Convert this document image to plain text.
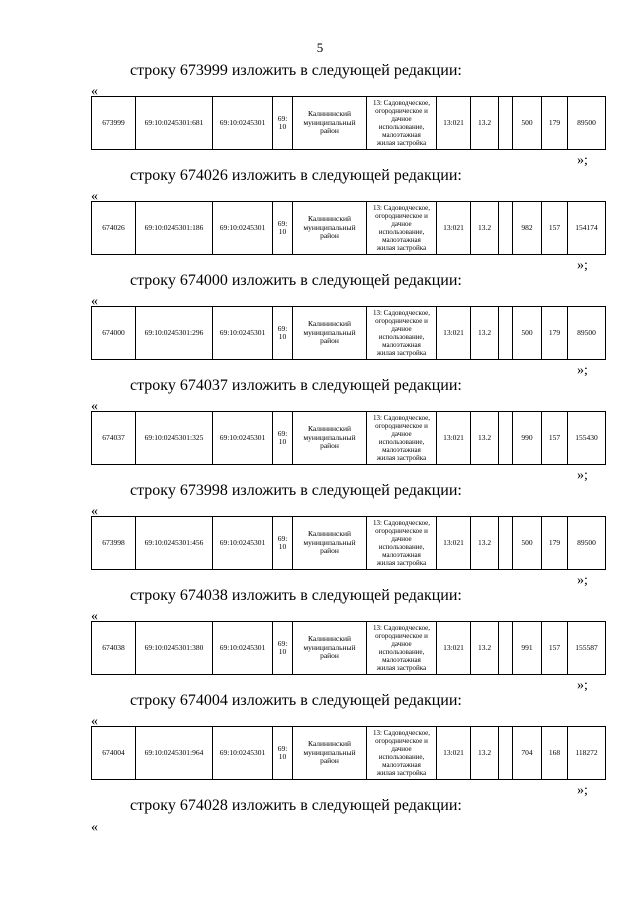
5
строку 673999 изложить в следующей редакции:
«
673999	69:10:0245301:681	69:10:0245301	69:
10	Калининский
муниципальный
район	13: Садоводческое,
огородническое и
дачное
использование,
малоэтажная
жилая застройка	13:021	13.2		500	179	89500
»;
строку 674026 изложить в следующей редакции:
«
674026	69:10:0245301:186	69:10:0245301	69:
10	Калининский
муниципальный
район	13: Садоводческое,
огородническое и
дачное
использование,
малоэтажная
жилая застройка	13:021	13.2		982	157	154174
»;
строку 674000 изложить в следующей редакции:
«
674000	69:10:0245301:296	69:10:0245301	69:
10	Калининский
муниципальный
район	13: Садоводческое,
огородническое и
дачное
использование,
малоэтажная
жилая застройка	13:021	13.2		500	179	89500
»;
строку 674037 изложить в следующей редакции:
«
674037	69:10:0245301:325	69:10:0245301	69:
10	Калининский
муниципальный
район	13: Садоводческое,
огородническое и
дачное
использование,
малоэтажная
жилая застройка	13:021	13.2		990	157	155430
»;
строку 673998 изложить в следующей редакции:
«
673998	69:10:0245301:456	69:10:0245301	69:
10	Калининский
муниципальный
район	13: Садоводческое,
огородническое и
дачное
использование,
малоэтажная
жилая застройка	13:021	13.2		500	179	89500
»;
строку 674038 изложить в следующей редакции:
«
674038	69:10:0245301:380	69:10:0245301	69:
10	Калининский
муниципальный
район	13: Садоводческое,
огородническое и
дачное
использование,
малоэтажная
жилая застройка	13:021	13.2		991	157	155587
»;
строку 674004 изложить в следующей редакции:
«
674004	69:10:0245301:964	69:10:0245301	69:
10	Калининский
муниципальный
район	13: Садоводческое,
огородническое и
дачное
использование,
малоэтажная
жилая застройка	13:021	13.2		704	168	118272
»;
строку 674028 изложить в следующей редакции:
«
